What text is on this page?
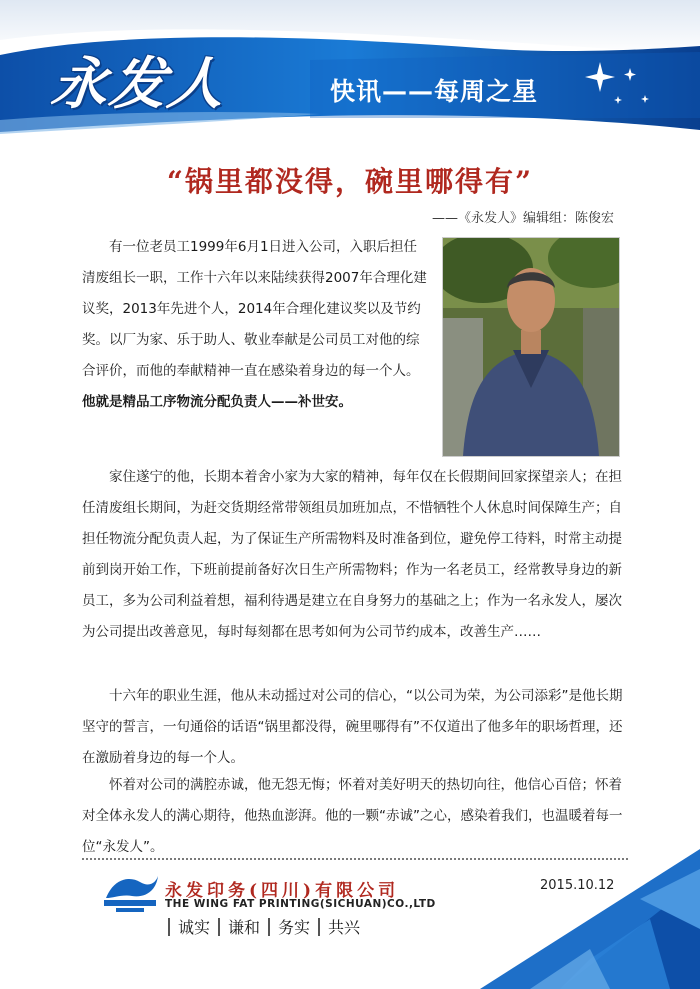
永发人	快讯——每周之星
“锅里都没得，碗里哪得有”
——《永发人》编辑组：陈俊宏
有一位老员工1999年6月1日进入公司，入职后担任清废组长一职，工作十六年以来陆续获得2007年合理化建议奖，2013年先进个人，2014年合理化建议奖以及节约奖。以厂为家、乐于助人、敬业奉献是公司员工对他的综合评价，而他的奉献精神一直在感染着身边的每一个人。他就是精品工序物流分配负责人——补世安。
家住遂宁的他，长期本着舍小家为大家的精神，每年仅在长假期间回家探望亲人；在担任清废组长期间，为赶交货期经常带领组员加班加点，不惜牺牲个人休息时间保障生产；自担任物流分配负责人起，为了保证生产所需物料及时准备到位，避免停工待料，时常主动提前到岗开始工作，下班前提前备好次日生产所需物料；作为一名老员工，经常教导身边的新员工，多为公司利益着想，福利待遇是建立在自身努力的基础之上；作为一名永发人，屡次为公司提出改善意见，每时每刻都在思考如何为公司节约成本，改善生产……
十六年的职业生涯，他从未动摇过对公司的信心，“以公司为荣，为公司添彩”是他长期坚守的誓言，一句通俗的话语“锅里都没得，碗里哪得有”不仅道出了他多年的职场哲理，还在激励着身边的每一个人。
怀着对公司的满腔赤诚，他无怨无悔；怀着对美好明天的热切向往，他信心百倍；怀着对全体永发人的满心期待，他热血澎湃。他的一颗“赤诚”之心，感染着我们，也温暖着每一位“永发人”。
永发印务(四川)有限公司
THE WING FAT PRINTING(SICHUAN)CO.,LTD
2015.10.12
诚实 谦和 务实 共兴
